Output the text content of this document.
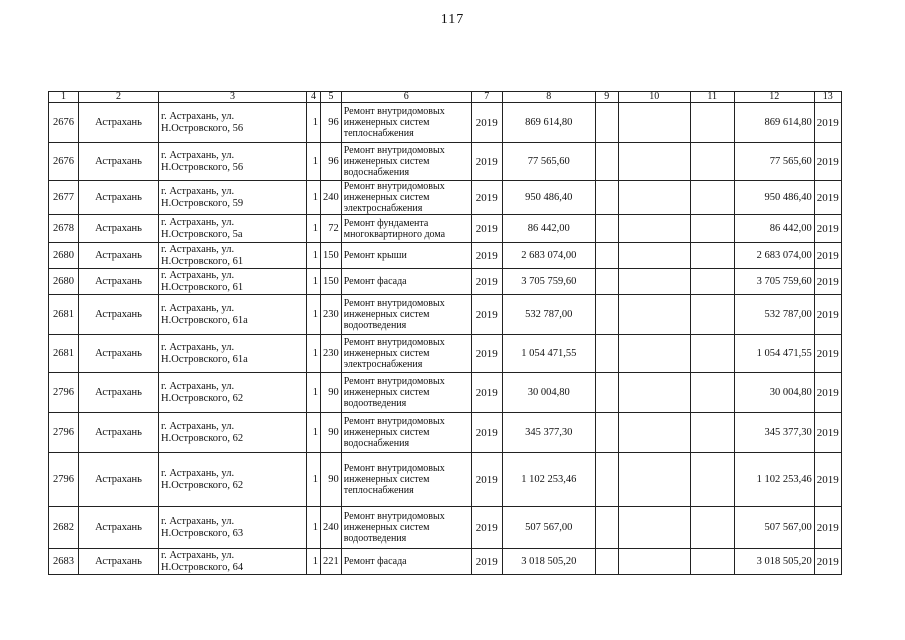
117
1	2	3	4	5	6	7	8	9	10	11	12	13
2676	Астрахань	г. Астрахань, ул.
Н.Островского, 56	1	96	Ремонт внутридомовых инженерных систем теплоснабжения	2019	869 614,80				869 614,80	2019
2676	Астрахань	г. Астрахань, ул.
Н.Островского, 56	1	96	Ремонт внутридомовых инженерных систем водоснабжения	2019	77 565,60				77 565,60	2019
2677	Астрахань	г. Астрахань, ул.
Н.Островского, 59	1	240	Ремонт внутридомовых инженерных систем электроснабжения	2019	950 486,40				950 486,40	2019
2678	Астрахань	г. Астрахань, ул.
Н.Островского, 5а	1	72	Ремонт фундамента многоквартирного дома	2019	86 442,00				86 442,00	2019
2680	Астрахань	г. Астрахань, ул.
Н.Островского, 61	1	150	Ремонт крыши	2019	2 683 074,00				2 683 074,00	2019
2680	Астрахань	г. Астрахань, ул.
Н.Островского, 61	1	150	Ремонт фасада	2019	3 705 759,60				3 705 759,60	2019
2681	Астрахань	г. Астрахань, ул.
Н.Островского, 61а	1	230	Ремонт внутридомовых инженерных систем водоотведения	2019	532 787,00				532 787,00	2019
2681	Астрахань	г. Астрахань, ул.
Н.Островского, 61а	1	230	Ремонт внутридомовых инженерных систем электроснабжения	2019	1 054 471,55				1 054 471,55	2019
2796	Астрахань	г. Астрахань, ул.
Н.Островского, 62	1	90	Ремонт внутридомовых инженерных систем водоотведения	2019	30 004,80				30 004,80	2019
2796	Астрахань	г. Астрахань, ул.
Н.Островского, 62	1	90	Ремонт внутридомовых инженерных систем водоснабжения	2019	345 377,30				345 377,30	2019
2796	Астрахань	г. Астрахань, ул.
Н.Островского, 62	1	90	Ремонт внутридомовых инженерных систем теплоснабжения	2019	1 102 253,46				1 102 253,46	2019
2682	Астрахань	г. Астрахань, ул.
Н.Островского, 63	1	240	Ремонт внутридомовых инженерных систем водоотведения	2019	507 567,00				507 567,00	2019
2683	Астрахань	г. Астрахань, ул.
Н.Островского, 64	1	221	Ремонт фасада	2019	3 018 505,20				3 018 505,20	2019
